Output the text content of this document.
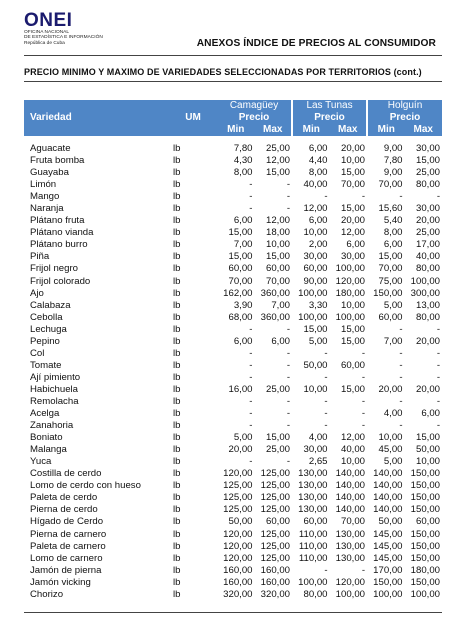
ONEI
OFICINA NACIONAL
DE ESTADÍSTICA E INFORMACIÓN
República de Cuba	ANEXOS ÍNDICE DE PRECIOS AL CONSUMIDOR
PRECIO MINIMO Y MAXIMO DE VARIEDADES SELECCIONADAS POR TERRITORIOS (cont.)
		Camagüey		Las Tunas		Holguín	
Variedad	UM	Precio		Precio		Precio	
		Min	Max	Min	Max	Min	Max

Aguacate	lb	7,80	25,00	6,00	20,00	9,00	30,00
Fruta bomba	lb	4,30	12,00	4,40	10,00	7,80	15,00
Guayaba	lb	8,00	15,00	8,00	15,00	9,00	25,00
Limón	lb	-	-	40,00	70,00	70,00	80,00
Mango	lb	-	-	-	-	-	-
Naranja	lb	-	-	12,00	15,00	15,60	30,00
Plátano fruta	lb	6,00	12,00	6,00	20,00	5,40	20,00
Plátano vianda	lb	15,00	18,00	10,00	12,00	8,00	25,00
Plátano burro	lb	7,00	10,00	2,00	6,00	6,00	17,00
Piña	lb	15,00	15,00	30,00	30,00	15,00	40,00
Frijol negro	lb	60,00	60,00	60,00	100,00	70,00	80,00
Frijol colorado	lb	70,00	70,00	90,00	120,00	75,00	100,00
Ajo	lb	162,00	360,00	100,00	180,00	150,00	300,00
Calabaza	lb	3,90	7,00	3,30	10,00	5,00	13,00
Cebolla	lb	68,00	360,00	100,00	100,00	60,00	80,00
Lechuga	lb	-	-	15,00	15,00	-	-
Pepino	lb	6,00	6,00	5,00	15,00	7,00	20,00
Col	lb	-	-	-	-	-	-
Tomate	lb	-	-	50,00	60,00	-	-
Ají pimiento	lb	-	-	-	-	-	-
Habichuela	lb	16,00	25,00	10,00	15,00	20,00	20,00
Remolacha	lb	-	-	-	-	-	-
Acelga	lb	-	-	-	-	4,00	6,00
Zanahoria	lb	-	-	-	-	-	-
Boniato	lb	5,00	15,00	4,00	12,00	10,00	15,00
Malanga	lb	20,00	25,00	30,00	40,00	45,00	50,00
Yuca	lb	-	-	2,65	10,00	5,00	10,00
Costilla de cerdo	lb	120,00	125,00	130,00	140,00	140,00	150,00
Lomo de cerdo con hueso	lb	125,00	125,00	130,00	140,00	140,00	150,00
Paleta de cerdo	lb	125,00	125,00	130,00	140,00	140,00	150,00
Pierna de cerdo	lb	125,00	125,00	130,00	140,00	140,00	150,00
Hígado de Cerdo	lb	50,00	60,00	60,00	70,00	50,00	60,00
Pierna de carnero	lb	120,00	125,00	110,00	130,00	145,00	150,00
Paleta de carnero	lb	120,00	125,00	110,00	130,00	145,00	150,00
Lomo de carnero	lb	120,00	125,00	110,00	130,00	145,00	150,00
Jamón de pierna	lb	160,00	160,00	-	-	170,00	180,00
Jamón vicking	lb	160,00	160,00	100,00	120,00	150,00	150,00
Chorizo	lb	320,00	320,00	80,00	100,00	100,00	100,00
